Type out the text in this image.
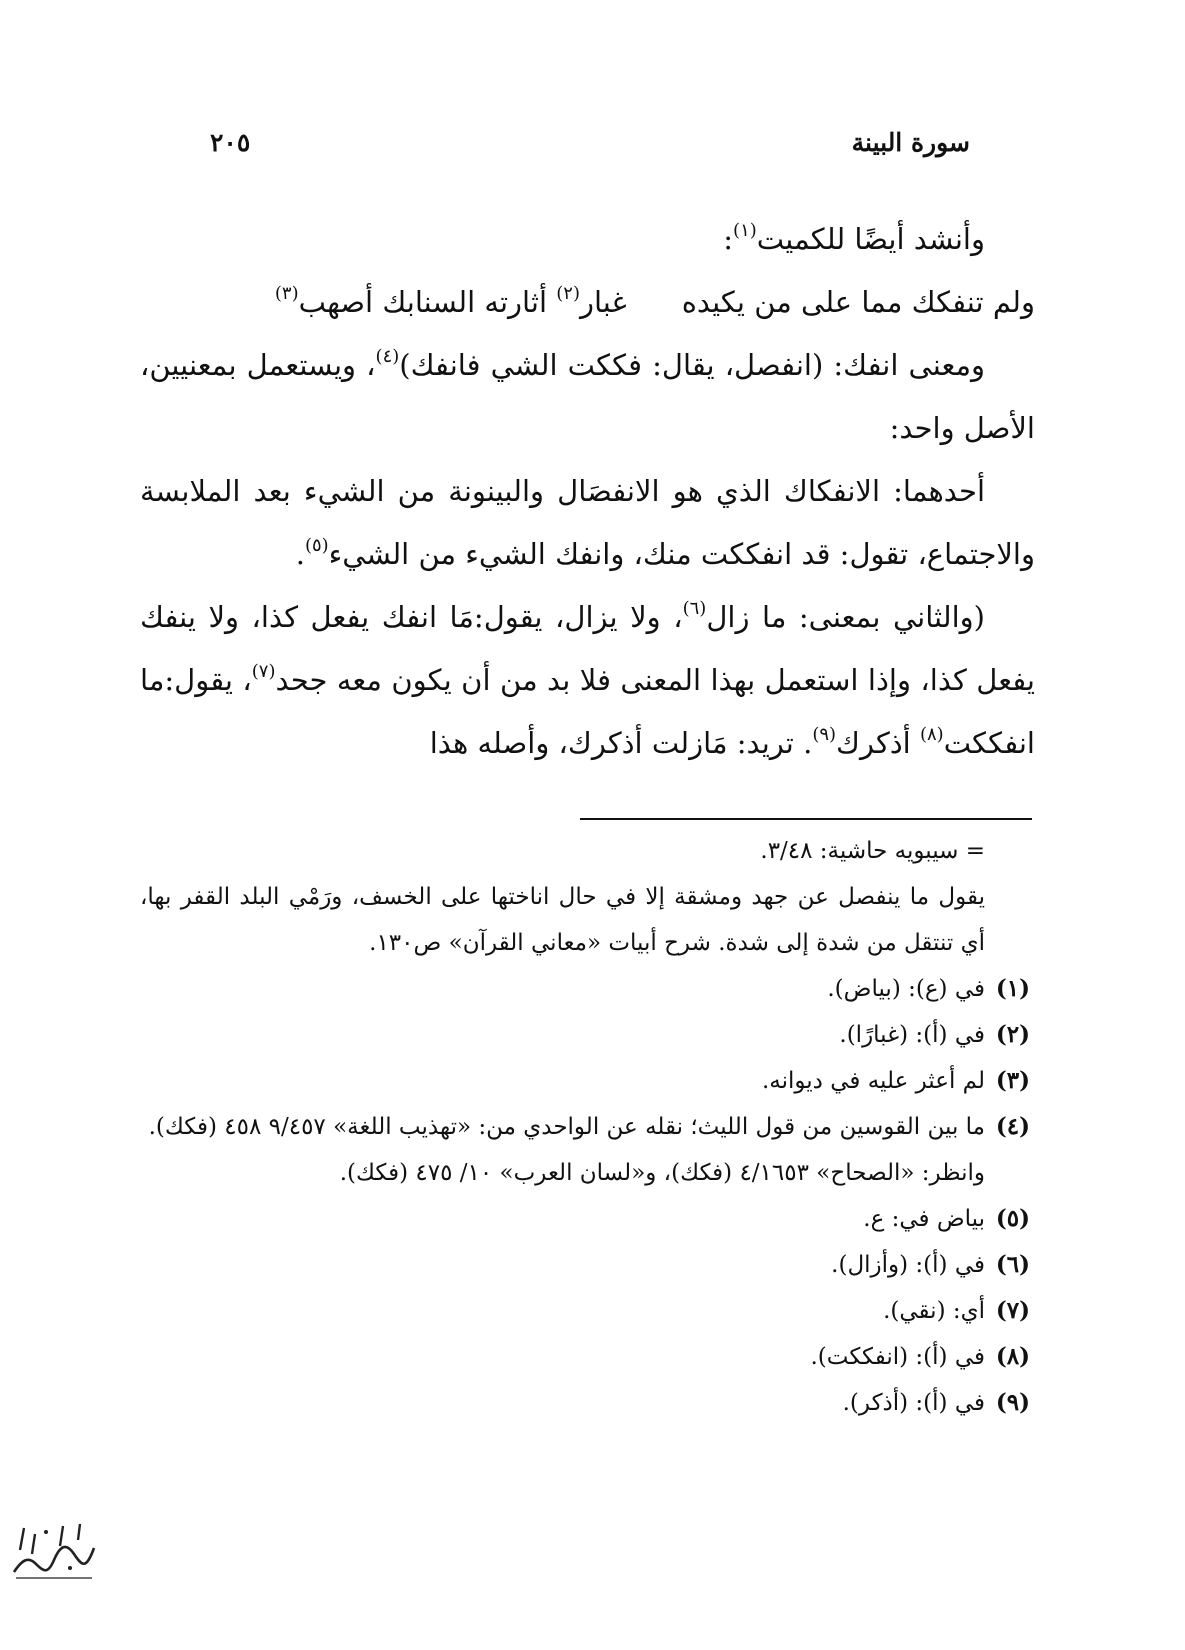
سورة البينة
٢٠٥

وأنشد أيضًا للكميت$^{(١)}$:

ولم تنفكك مما على من يكيده
غبار$^{(٢)}$ أثارته السنابك أصهب$^{(٣)}$

ومعنى انفك: (انفصل، يقال: فككت الشي فانفك)$^{(٤)}$، ويستعمل بمعنيين، الأصل واحد:

أحدهما: الانفكاك الذي هو الانفصَال والبينونة من الشيء بعد الملابسة والاجتماع، تقول: قد انفككت منك، وانفك الشيء من الشيء$^{(٥)}$.

(والثاني بمعنى: ما زال$^{(٦)}$، ولا يزال، يقول:مَا انفك يفعل كذا، ولا ينفك يفعل كذا، وإذا استعمل بهذا المعنى فلا بد من أن يكون معه جحد$^{(٧)}$، يقول:ما انفككت$^{(٨)}$ أذكرك$^{(٩)}$. تريد: مَازلت أذكرك، وأصله هذا

= سيبويه حاشية: ٣/٤٨.

يقول ما ينفصل عن جهد ومشقة إلا في حال اناختها على الخسف، ورَمْي البلد القفر بها، أي تنتقل من شدة إلى شدة. شرح أبيات «معاني القرآن» ص١٣٠.

(١)
في (ع): (بياض).
(٢)
في (أ): (غبارًا).
(٣)
لم أعثر عليه في ديوانه.
(٤)
ما بين القوسين من قول الليث؛ نقله عن الواحدي من: «تهذيب اللغة» ٩/٤٥٧ ٤٥٨ (فكك).

وانظر: «الصحاح» ٤/١٦٥٣ (فكك)، و«لسان العرب» ١٠/ ٤٧٥ (فكك).

(٥)
بياض في: ع.
(٦)
في (أ): (وأزال).
(٧)
أي: (نقي).
(٨)
في (أ): (انفككت).
(٩)
في (أ): (أذكر).
